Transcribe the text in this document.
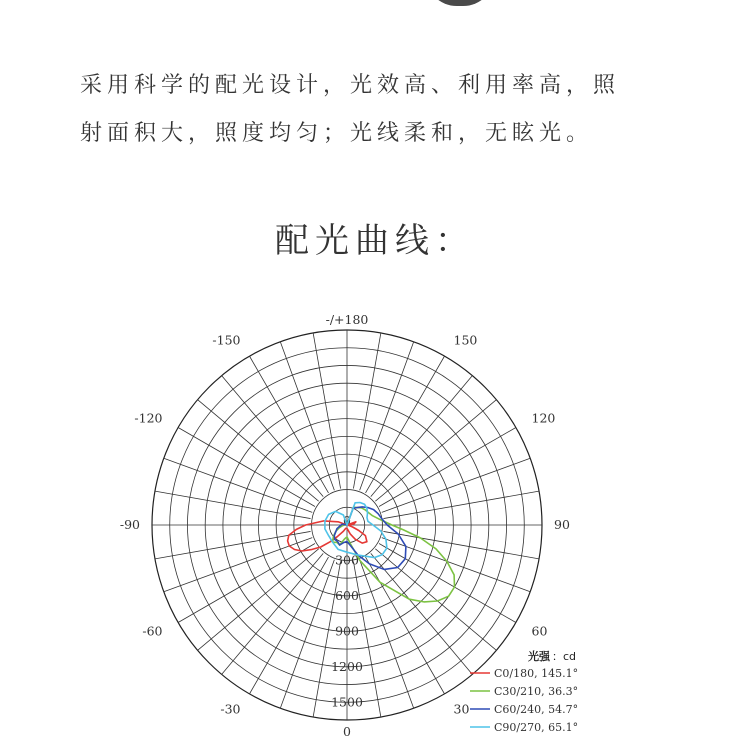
采用科学的配光设计，光效高、利用率高，照
射面积大，照度均匀；光线柔和，无眩光。
配光曲线：
-/+180
-150	150
-120	120
-90	90
-60	60
-30	30
0
0
300
600
900
1200
1500
光强 ：cd
C0/180, 145.1°
C30/210, 36.3°
C60/240, 54.7°
C90/270, 65.1°
